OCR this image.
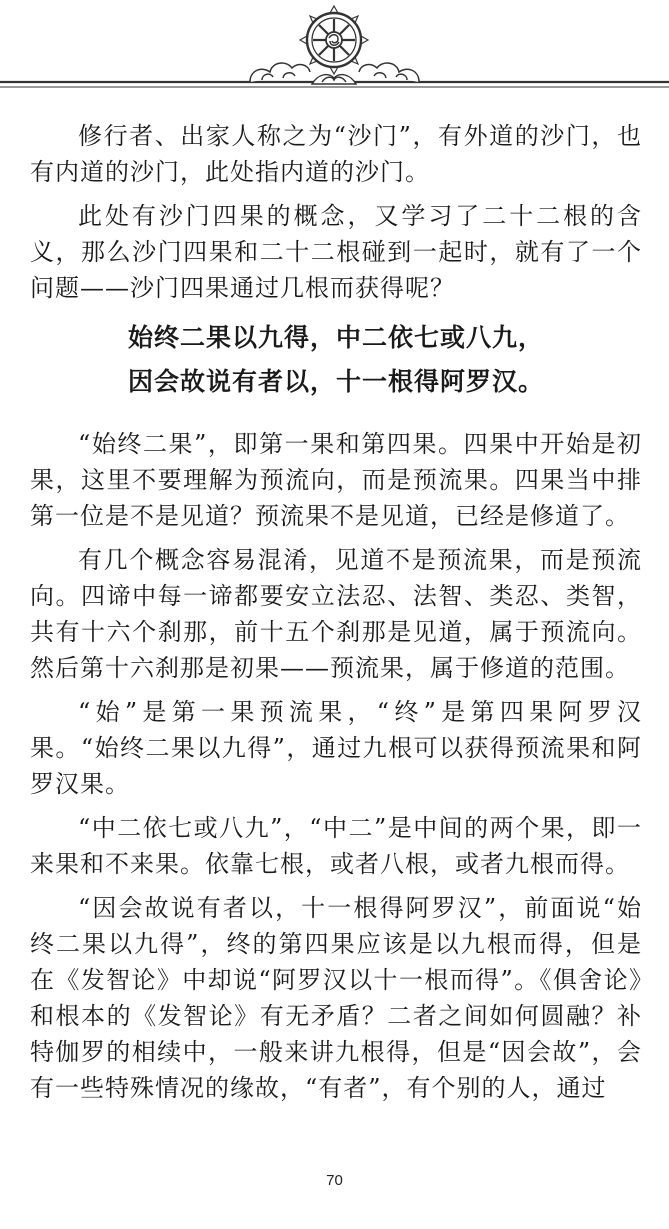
修行者、出家人称之为“沙门”，有外道的沙门，也有内道的沙门，此处指内道的沙门。

此处有沙门四果的概念，又学习了二十二根的含义，那么沙门四果和二十二根碰到一起时，就有了一个问题——沙门四果通过几根而获得呢？

始终二果以九得，中二依七或八九，
因会故说有者以，十一根得阿罗汉。

“始终二果”，即第一果和第四果。四果中开始是初果，这里不要理解为预流向，而是预流果。四果当中排第一位是不是见道？预流果不是见道，已经是修道了。

有几个概念容易混淆，见道不是预流果，而是预流向。四谛中每一谛都要安立法忍、法智、类忍、类智，共有十六个刹那，前十五个刹那是见道，属于预流向。然后第十六刹那是初果——预流果，属于修道的范围。

“始”是第一果预流果，“终”是第四果阿罗汉果。“始终二果以九得”，通过九根可以获得预流果和阿罗汉果。

“中二依七或八九”，“中二”是中间的两个果，即一来果和不来果。依靠七根，或者八根，或者九根而得。

“因会故说有者以，十一根得阿罗汉”，前面说“始终二果以九得”，终的第四果应该是以九根而得，但是在《发智论》中却说“阿罗汉以十一根而得”。《俱舍论》和根本的《发智论》有无矛盾？二者之间如何圆融？补特伽罗的相续中，一般来讲九根得，但是“因会故”，会有一些特殊情况的缘故，“有者”，有个别的人，通过

70
